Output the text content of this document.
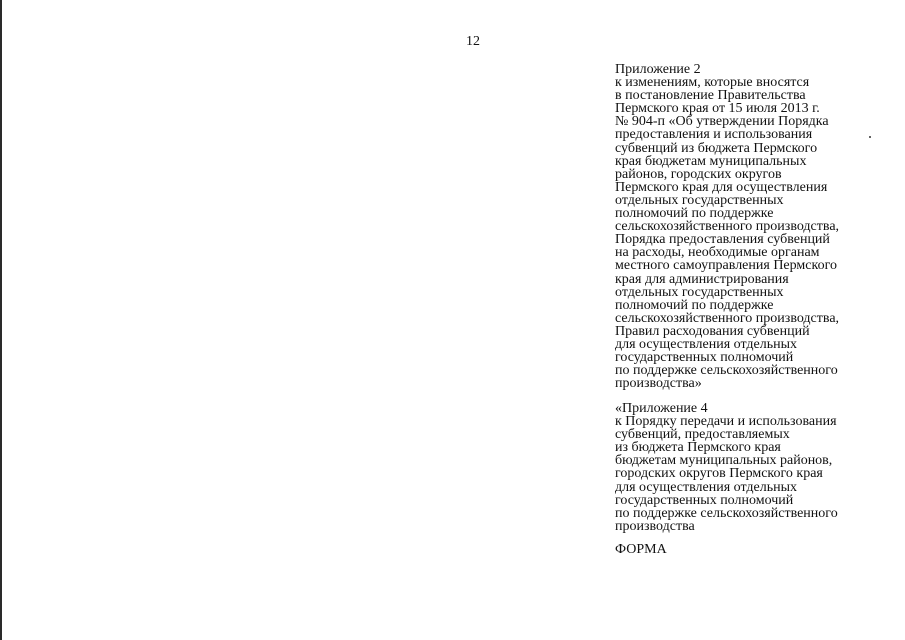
12
Приложение 2
к изменениям, которые вносятся
в постановление Правительства
Пермского края от 15 июля 2013 г.
№ 904-п «Об утверждении Порядка
предоставления и использования
субвенций из бюджета Пермского
края бюджетам муниципальных
районов, городских округов
Пермского края для осуществления
отдельных государственных
полномочий по поддержке
сельскохозяйственного производства,
Порядка предоставления субвенций
на расходы, необходимые органам
местного самоуправления Пермского
края для администрирования
отдельных государственных
полномочий по поддержке
сельскохозяйственного производства,
Правил расходования субвенций
для осуществления отдельных
государственных полномочий
по поддержке сельскохозяйственного
производства»
«Приложение 4
к Порядку передачи и использования
субвенций, предоставляемых
из бюджета Пермского края
бюджетам муниципальных районов,
городских округов Пермского края
для осуществления отдельных
государственных полномочий
по поддержке сельскохозяйственного
производства
ФОРМА
